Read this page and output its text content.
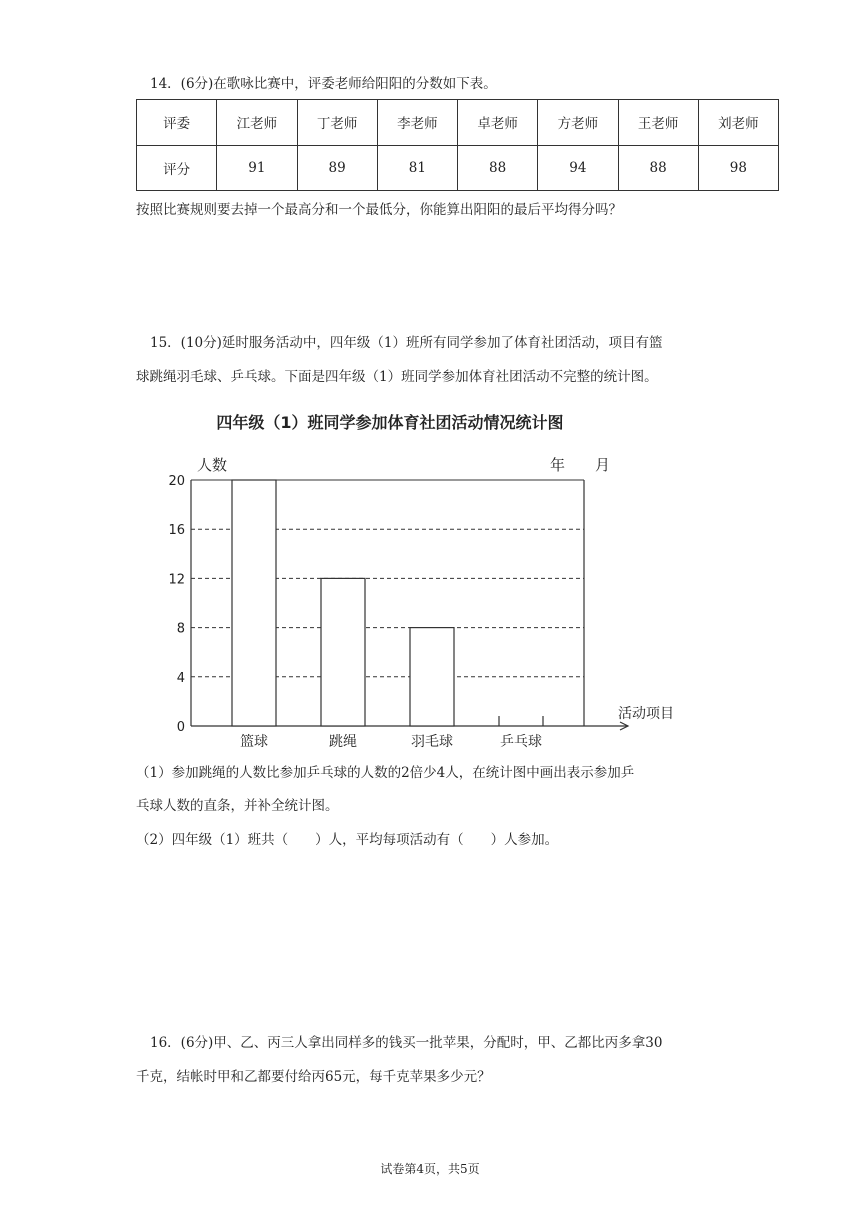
14．(6分)在歌咏比赛中，评委老师给阳阳的分数如下表。
评委	江老师	丁老师	李老师	卓老师	方老师	王老师	刘老师
评分	91	89	81	88	94	88	98
按照比赛规则要去掉一个最高分和一个最低分，你能算出阳阳的最后平均得分吗？
15．(10分)延时服务活动中，四年级（1）班所有同学参加了体育社团活动，项目有篮
球跳绳羽毛球、乒乓球。下面是四年级（1）班同学参加体育社团活动不完整的统计图。
四年级（1）班同学参加体育社团活动情况统计图
0
4
8
12
16
20
篮球	跳绳	羽毛球	乒乓球
人数
活动项目
年　　月
（1）参加跳绳的人数比参加乒乓球的人数的2倍少4人，在统计图中画出表示参加乒
乓球人数的直条，并补全统计图。
（2）四年级（1）班共（　　）人，平均每项活动有（　　）人参加。
16．(6分)甲、乙、丙三人拿出同样多的钱买一批苹果，分配时，甲、乙都比丙多拿30
千克，结帐时甲和乙都要付给丙65元，每千克苹果多少元？
试卷第4页，共5页
